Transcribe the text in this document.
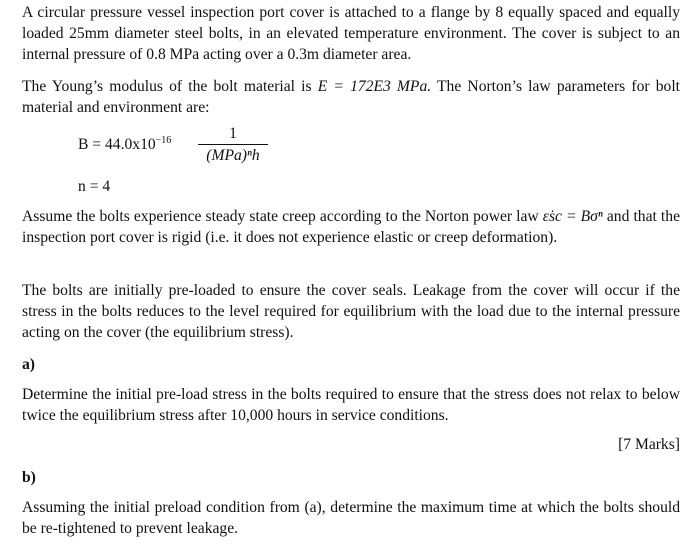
A circular pressure vessel inspection port cover is attached to a flange by 8 equally spaced and equally loaded 25mm diameter steel bolts, in an elevated temperature environment. The cover is subject to an internal pressure of 0.8 MPa acting over a 0.3m diameter area.

The Young’s modulus of the bolt material is E = 172E3 MPa. The Norton’s law parameters for bolt material and environment are:

$B = 44.0x10^{-16}$	1
(MPa)ⁿh
n = 4

Assume the bolts experience steady state creep according to the Norton power law ε̇sc = Bσⁿ and that the inspection port cover is rigid (i.e. it does not experience elastic or creep deformation).

The bolts are initially pre-loaded to ensure the cover seals. Leakage from the cover will occur if the stress in the bolts reduces to the level required for equilibrium with the load due to the internal pressure acting on the cover (the equilibrium stress).

a)

Determine the initial pre-load stress in the bolts required to ensure that the stress does not relax to below twice the equilibrium stress after 10,000 hours in service conditions.

[7 Marks]
b)

Assuming the initial preload condition from (a), determine the maximum time at which the bolts should be re-tightened to prevent leakage.
